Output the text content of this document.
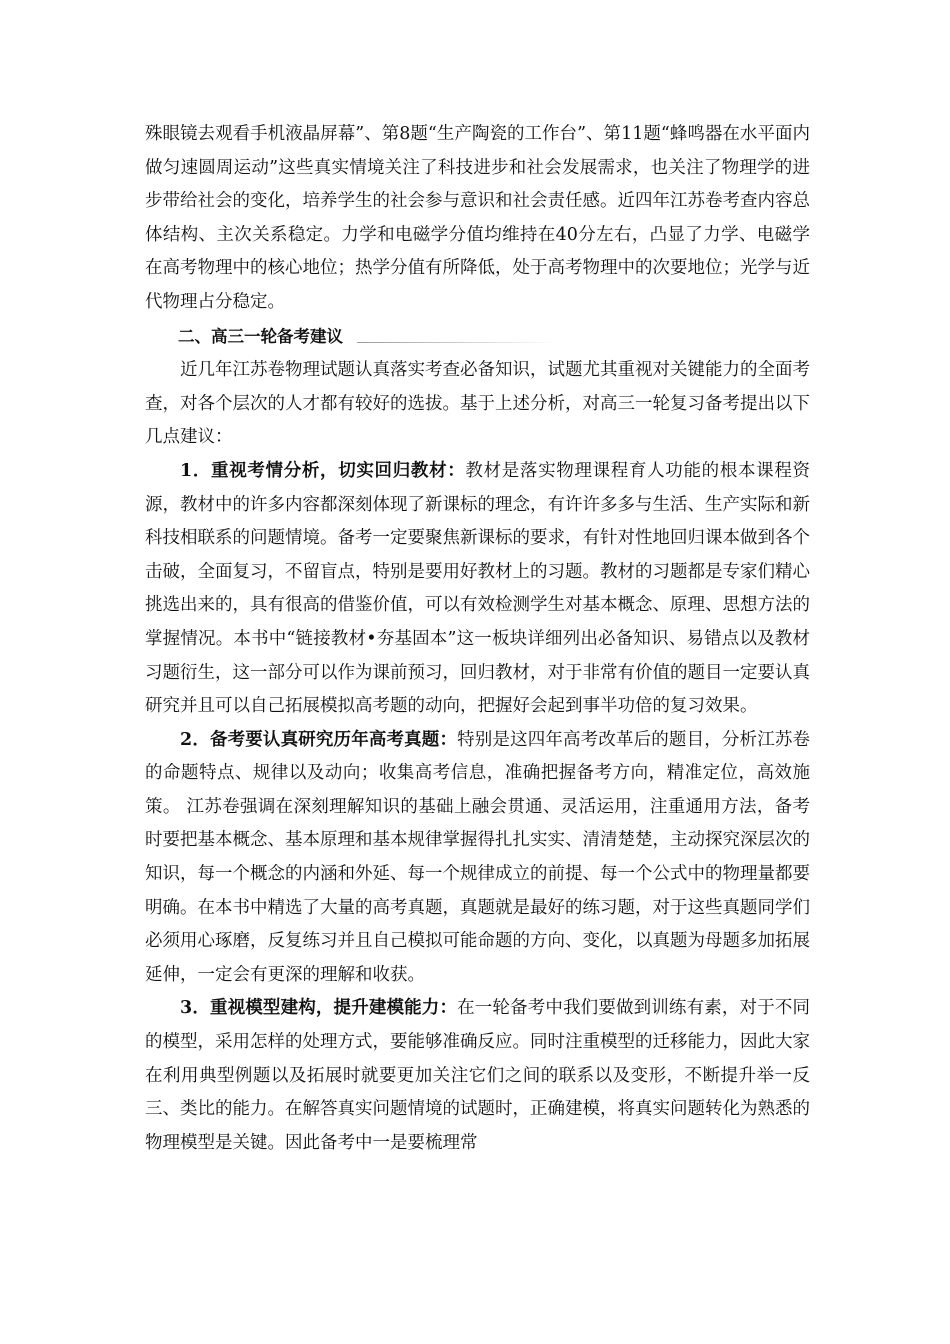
殊眼镜去观看手机液晶屏幕”、第8题“生产陶瓷的工作台”、第11题“蜂鸣器在水平面内做匀速圆周运动”这些真实情境关注了科技进步和社会发展需求，也关注了物理学的进步带给社会的变化，培养学生的社会参与意识和社会责任感。近四年江苏卷考查内容总体结构、主次关系稳定。力学和电磁学分值均维持在40分左右，凸显了力学、电磁学在高考物理中的核心地位；热学分值有所降低，处于高考物理中的次要地位；光学与近代物理占分稳定。

二、高三一轮备考建议

近几年江苏卷物理试题认真落实考查必备知识，试题尤其重视对关键能力的全面考查，对各个层次的人才都有较好的选拔。基于上述分析，对高三一轮复习备考提出以下几点建议：

1．重视考情分析，切实回归教材：教材是落实物理课程育人功能的根本课程资源，教材中的许多内容都深刻体现了新课标的理念，有许许多多与生活、生产实际和新科技相联系的问题情境。备考一定要聚焦新课标的要求，有针对性地回归课本做到各个击破，全面复习，不留盲点，特别是要用好教材上的习题。教材的习题都是专家们精心挑选出来的，具有很高的借鉴价值，可以有效检测学生对基本概念、原理、思想方法的掌握情况。本书中“链接教材•夯基固本”这一板块详细列出必备知识、易错点以及教材习题衍生，这一部分可以作为课前预习，回归教材，对于非常有价值的题目一定要认真研究并且可以自己拓展模拟高考题的动向，把握好会起到事半功倍的复习效果。

2．备考要认真研究历年高考真题：特别是这四年高考改革后的题目，分析江苏卷的命题特点、规律以及动向；收集高考信息，准确把握备考方向，精准定位，高效施策。 江苏卷强调在深刻理解知识的基础上融会贯通、灵活运用，注重通用方法，备考时要把基本概念、基本原理和基本规律掌握得扎扎实实、清清楚楚，主动探究深层次的知识，每一个概念的内涵和外延、每一个规律成立的前提、每一个公式中的物理量都要明确。在本书中精选了大量的高考真题，真题就是最好的练习题，对于这些真题同学们必须用心琢磨，反复练习并且自己模拟可能命题的方向、变化，以真题为母题多加拓展延伸，一定会有更深的理解和收获。

3．重视模型建构，提升建模能力：在一轮备考中我们要做到训练有素，对于不同的模型，采用怎样的处理方式，要能够准确反应。同时注重模型的迁移能力，因此大家在利用典型例题以及拓展时就要更加关注它们之间的联系以及变形，不断提升举一反三、类比的能力。在解答真实问题情境的试题时，正确建模，将真实问题转化为熟悉的物理模型是关键。因此备考中一是要梳理常
